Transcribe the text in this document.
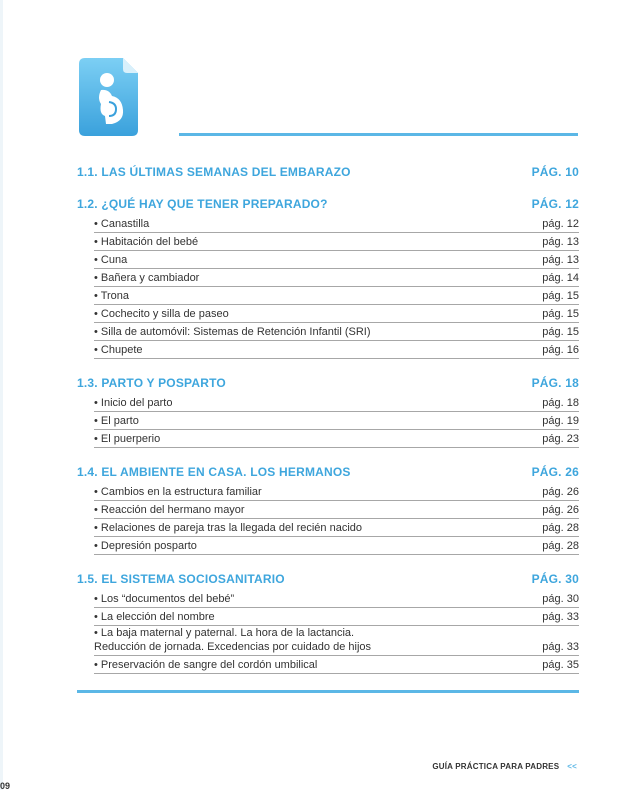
1.1. LAS ÚLTIMAS SEMANAS DEL EMBARAZO	PÁG. 10
1.2. ¿QUÉ HAY QUE TENER PREPARADO?	PÁG. 12
• Canastilla	pág. 12
• Habitación del bebé	pág. 13
• Cuna	pág. 13
• Bañera y cambiador	pág. 14
• Trona	pág. 15
• Cochecito y silla de paseo	pág. 15
• Silla de automóvil: Sistemas de Retención Infantil (SRI)	pág. 15
• Chupete	pág. 16
1.3. PARTO Y POSPARTO	PÁG. 18
• Inicio del parto	pág. 18
• El parto	pág. 19
• El puerperio	pág. 23
1.4. EL AMBIENTE EN CASA. LOS HERMANOS	PÁG. 26
• Cambios en la estructura familiar	pág. 26
• Reacción del hermano mayor	pág. 26
• Relaciones de pareja tras la llegada del recién nacido	pág. 28
• Depresión posparto	pág. 28
1.5. EL SISTEMA SOCIOSANITARIO	PÁG. 30
• Los “documentos del bebé”	pág. 30
• La elección del nombre	pág. 33
• La baja maternal y paternal. La hora de la lactancia.
Reducción de jornada. Excedencias por cuidado de hijos	pág. 33
• Preservación de sangre del cordón umbilical	pág. 35
GUÍA PRÁCTICA PARA PADRES <<
09
